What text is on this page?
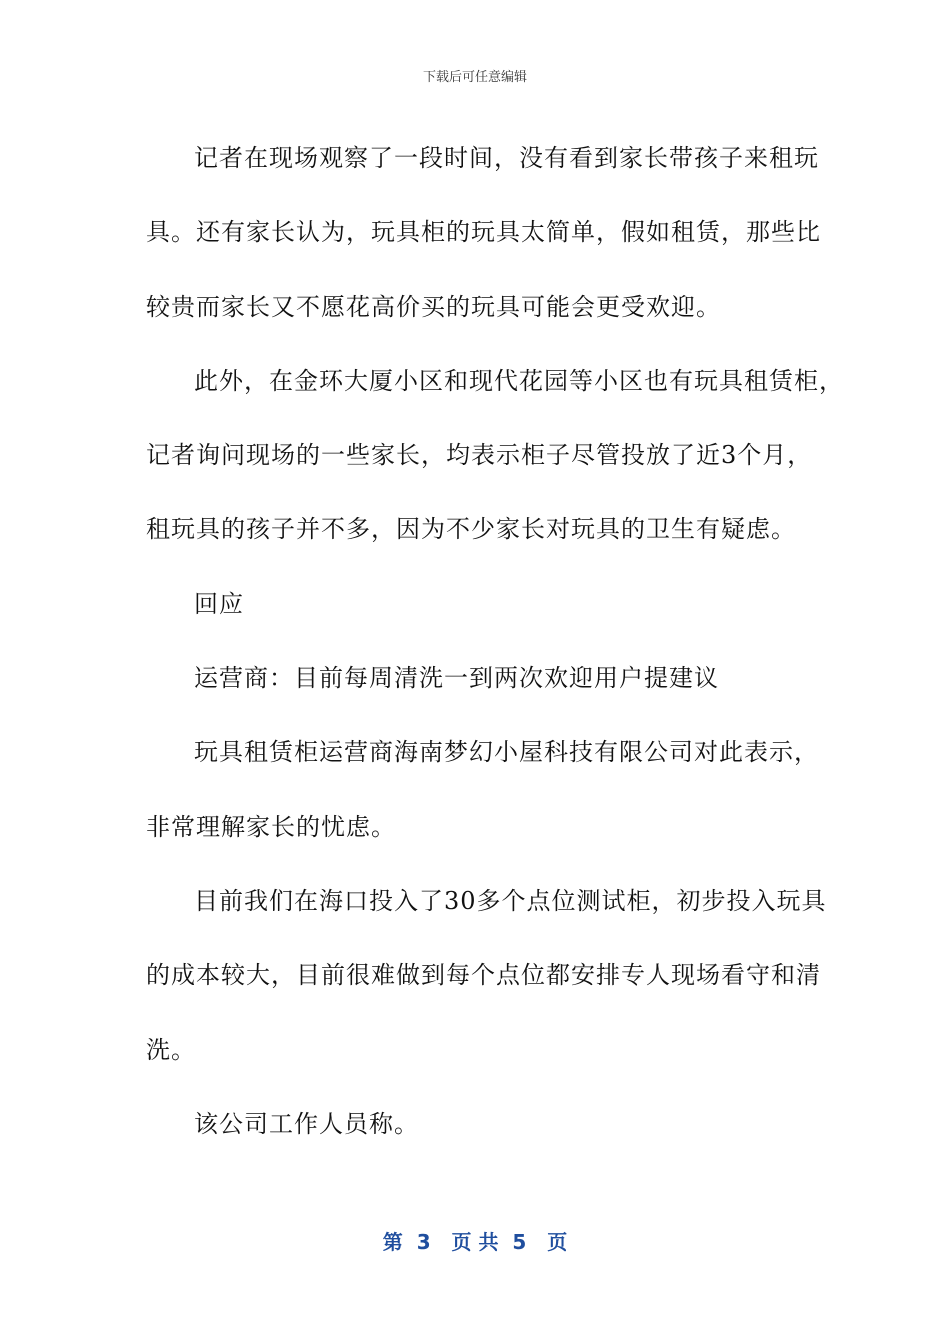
下载后可任意编辑
记者在现场观察了一段时间，没有看到家长带孩子来租玩
具。还有家长认为，玩具柜的玩具太简单，假如租赁，那些比
较贵而家长又不愿花高价买的玩具可能会更受欢迎。
此外，在金环大厦小区和现代花园等小区也有玩具租赁柜，
记者询问现场的一些家长，均表示柜子尽管投放了近3个月，
租玩具的孩子并不多，因为不少家长对玩具的卫生有疑虑。
回应
运营商：目前每周清洗一到两次欢迎用户提建议
玩具租赁柜运营商海南梦幻小屋科技有限公司对此表示，
非常理解家长的忧虑。
目前我们在海口投入了30多个点位测试柜，初步投入玩具
的成本较大，目前很难做到每个点位都安排专人现场看守和清
洗。
该公司工作人员称。
第  3   页 共  5   页
